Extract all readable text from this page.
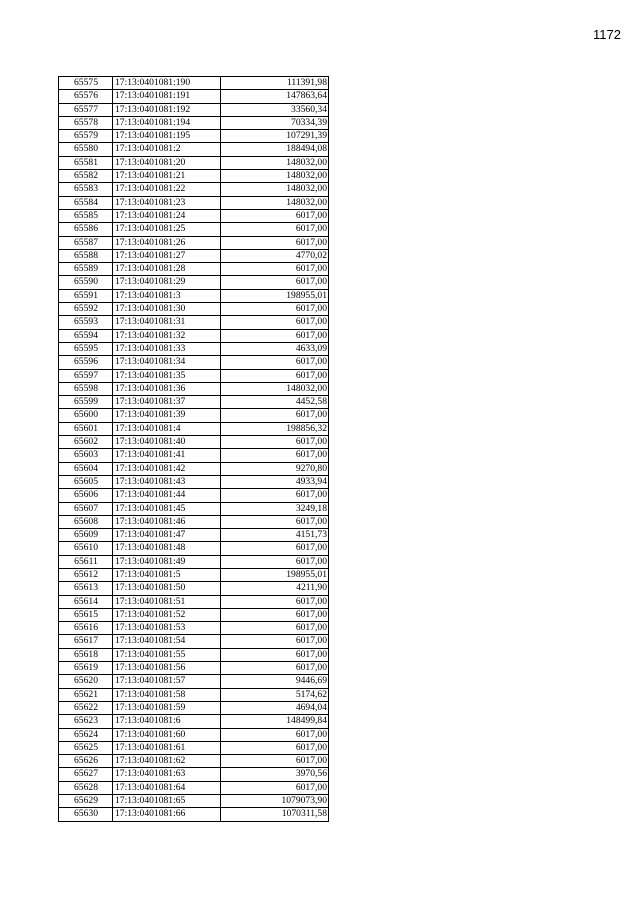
1172
65575	17:13:0401081:190	111391,98
65576	17:13:0401081:191	147863,64
65577	17:13:0401081:192	33560,34
65578	17:13:0401081:194	70334,39
65579	17:13:0401081:195	107291,39
65580	17:13:0401081:2	188494,08
65581	17:13:0401081:20	148032,00
65582	17:13:0401081:21	148032,00
65583	17:13:0401081:22	148032,00
65584	17:13:0401081:23	148032,00
65585	17:13:0401081:24	6017,00
65586	17:13:0401081:25	6017,00
65587	17:13:0401081:26	6017,00
65588	17:13:0401081:27	4770,02
65589	17:13:0401081:28	6017,00
65590	17:13:0401081:29	6017,00
65591	17:13:0401081:3	198955,01
65592	17:13:0401081:30	6017,00
65593	17:13:0401081:31	6017,00
65594	17:13:0401081:32	6017,00
65595	17:13:0401081:33	4633,09
65596	17:13:0401081:34	6017,00
65597	17:13:0401081:35	6017,00
65598	17:13:0401081:36	148032,00
65599	17:13:0401081:37	4452,58
65600	17:13:0401081:39	6017,00
65601	17:13:0401081:4	198856,32
65602	17:13:0401081:40	6017,00
65603	17:13:0401081:41	6017,00
65604	17:13:0401081:42	9270,80
65605	17:13:0401081:43	4933,94
65606	17:13:0401081:44	6017,00
65607	17:13:0401081:45	3249,18
65608	17:13:0401081:46	6017,00
65609	17:13:0401081:47	4151,73
65610	17:13:0401081:48	6017,00
65611	17:13:0401081:49	6017,00
65612	17:13:0401081:5	198955,01
65613	17:13:0401081:50	4211,90
65614	17:13:0401081:51	6017,00
65615	17:13:0401081:52	6017,00
65616	17:13:0401081:53	6017,00
65617	17:13:0401081:54	6017,00
65618	17:13:0401081:55	6017,00
65619	17:13:0401081:56	6017,00
65620	17:13:0401081:57	9446,69
65621	17:13:0401081:58	5174,62
65622	17:13:0401081:59	4694,04
65623	17:13:0401081:6	148499,84
65624	17:13:0401081:60	6017,00
65625	17:13:0401081:61	6017,00
65626	17:13:0401081:62	6017,00
65627	17:13:0401081:63	3970,56
65628	17:13:0401081:64	6017,00
65629	17:13:0401081:65	1079073,90
65630	17:13:0401081:66	1070311,58
